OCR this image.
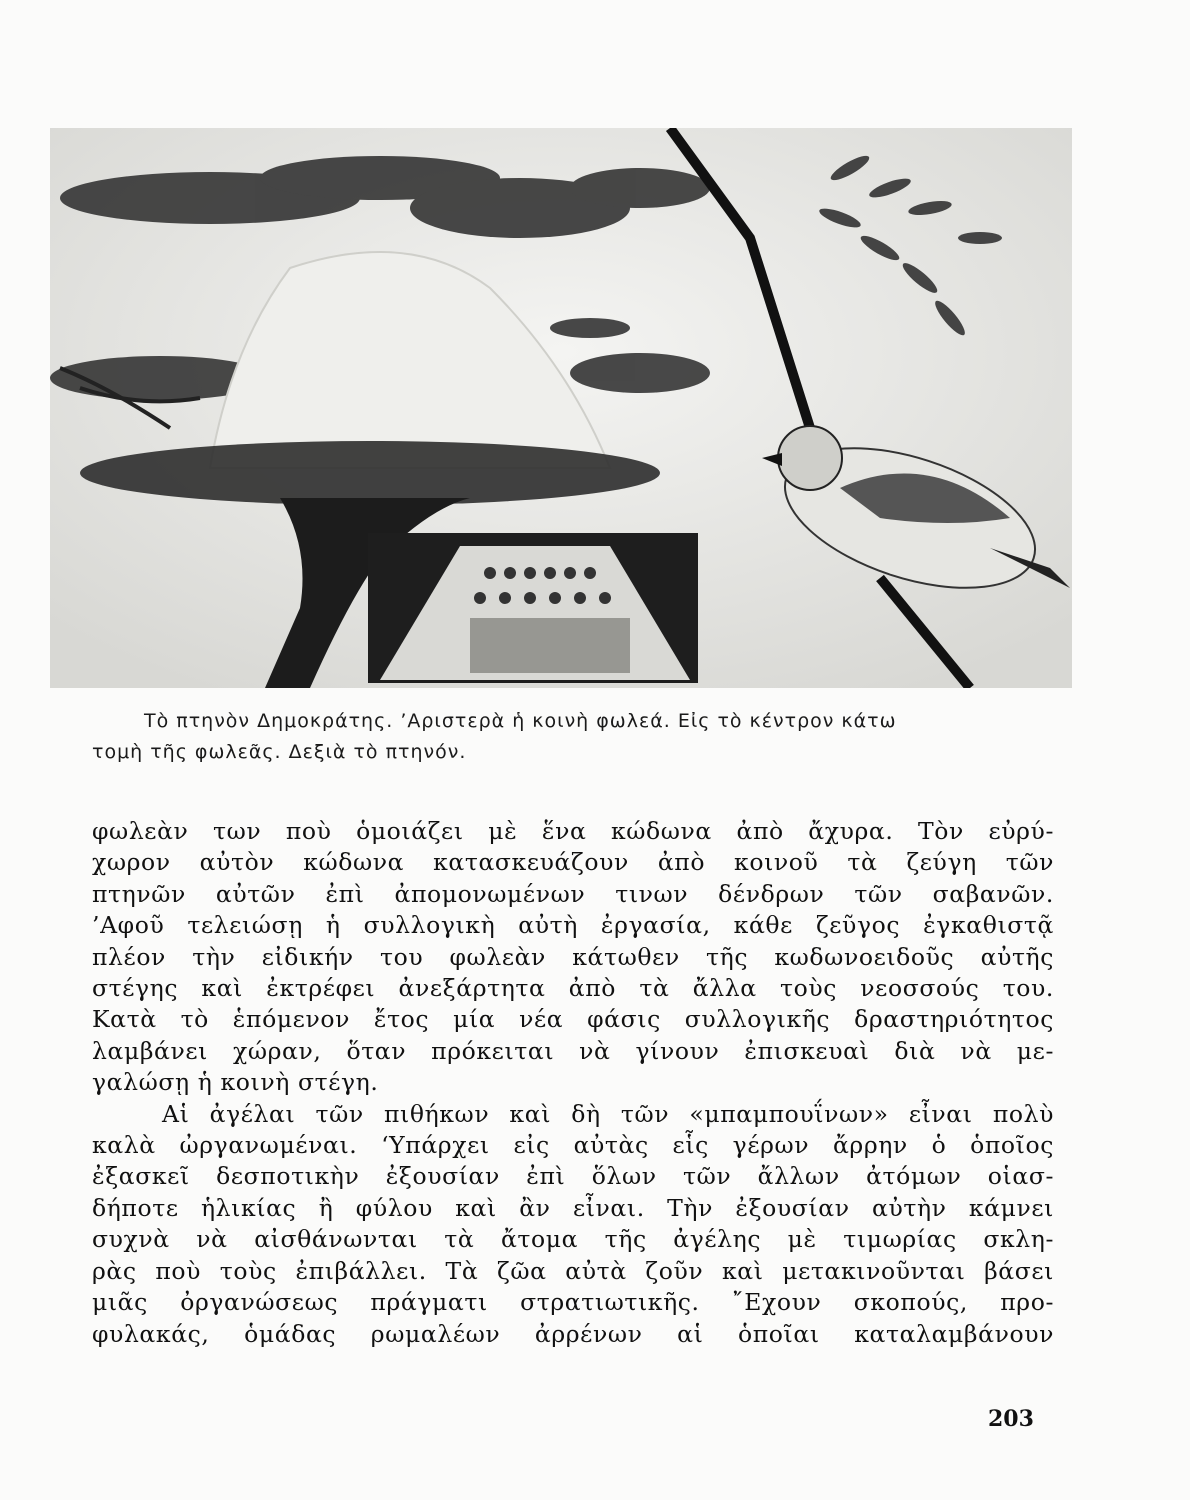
Τὸ πτηνὸν Δημοκράτης. ’Αριστερὰ ἡ κοινὴ φωλεά. Εἰς τὸ κέντρον κάτω
τομὴ τῆς φωλεᾶς. Δεξιὰ τὸ πτηνόν.
φωλεὰν των ποὺ ὁμοιάζει μὲ ἕνα κώδωνα ἀπὸ ἄχυρα. Τὸν εὐρύ-
χωρον αὐτὸν κώδωνα κατασκευάζουν ἀπὸ κοινοῦ τὰ ζεύγη τῶν
πτηνῶν αὐτῶν ἐπὶ ἀπομονωμένων τινων δένδρων τῶν σαβανῶν.
’Αφοῦ τελειώσῃ ἡ συλλογικὴ αὐτὴ ἐργασία, κάθε ζεῦγος ἐγκαθιστᾷ
πλέον τὴν εἰδικήν του φωλεὰν κάτωθεν τῆς κωδωνοειδοῦς αὐτῆς
στέγης καὶ ἐκτρέφει ἀνεξάρτητα ἀπὸ τὰ ἄλλα τοὺς νεοσσούς του.
Κατὰ τὸ ἑπόμενον ἔτος μία νέα φάσις συλλογικῆς δραστηριότητος
λαμβάνει χώραν, ὅταν πρόκειται νὰ γίνουν ἐπισκευαὶ διὰ νὰ με-
γαλώσῃ ἡ κοινὴ στέγη.
Αἱ ἀγέλαι τῶν πιθήκων καὶ δὴ τῶν «μπαμπουΐνων» εἶναι πολὺ
καλὰ ὠργανωμέναι. ‘Υπάρχει εἰς αὐτὰς εἷς γέρων ἄρρην ὁ ὁποῖος
ἐξασκεῖ δεσποτικὴν ἐξουσίαν ἐπὶ ὅλων τῶν ἄλλων ἀτόμων οἱασ-
δήποτε ἡλικίας ἢ φύλου καὶ ἂν εἶναι. Τὴν ἐξουσίαν αὐτὴν κάμνει
συχνὰ νὰ αἰσθάνωνται τὰ ἄτομα τῆς ἀγέλης μὲ τιμωρίας σκλη-
ρὰς ποὺ τοὺς ἐπιβάλλει. Τὰ ζῶα αὐτὰ ζοῦν καὶ μετακινοῦνται βάσει
μιᾶς ὀργανώσεως πράγματι στρατιωτικῆς. ῎Εχουν σκοπούς, προ-
φυλακάς, ὁμάδας ρωμαλέων ἀρρένων αἱ ὁποῖαι καταλαμβάνουν
203
